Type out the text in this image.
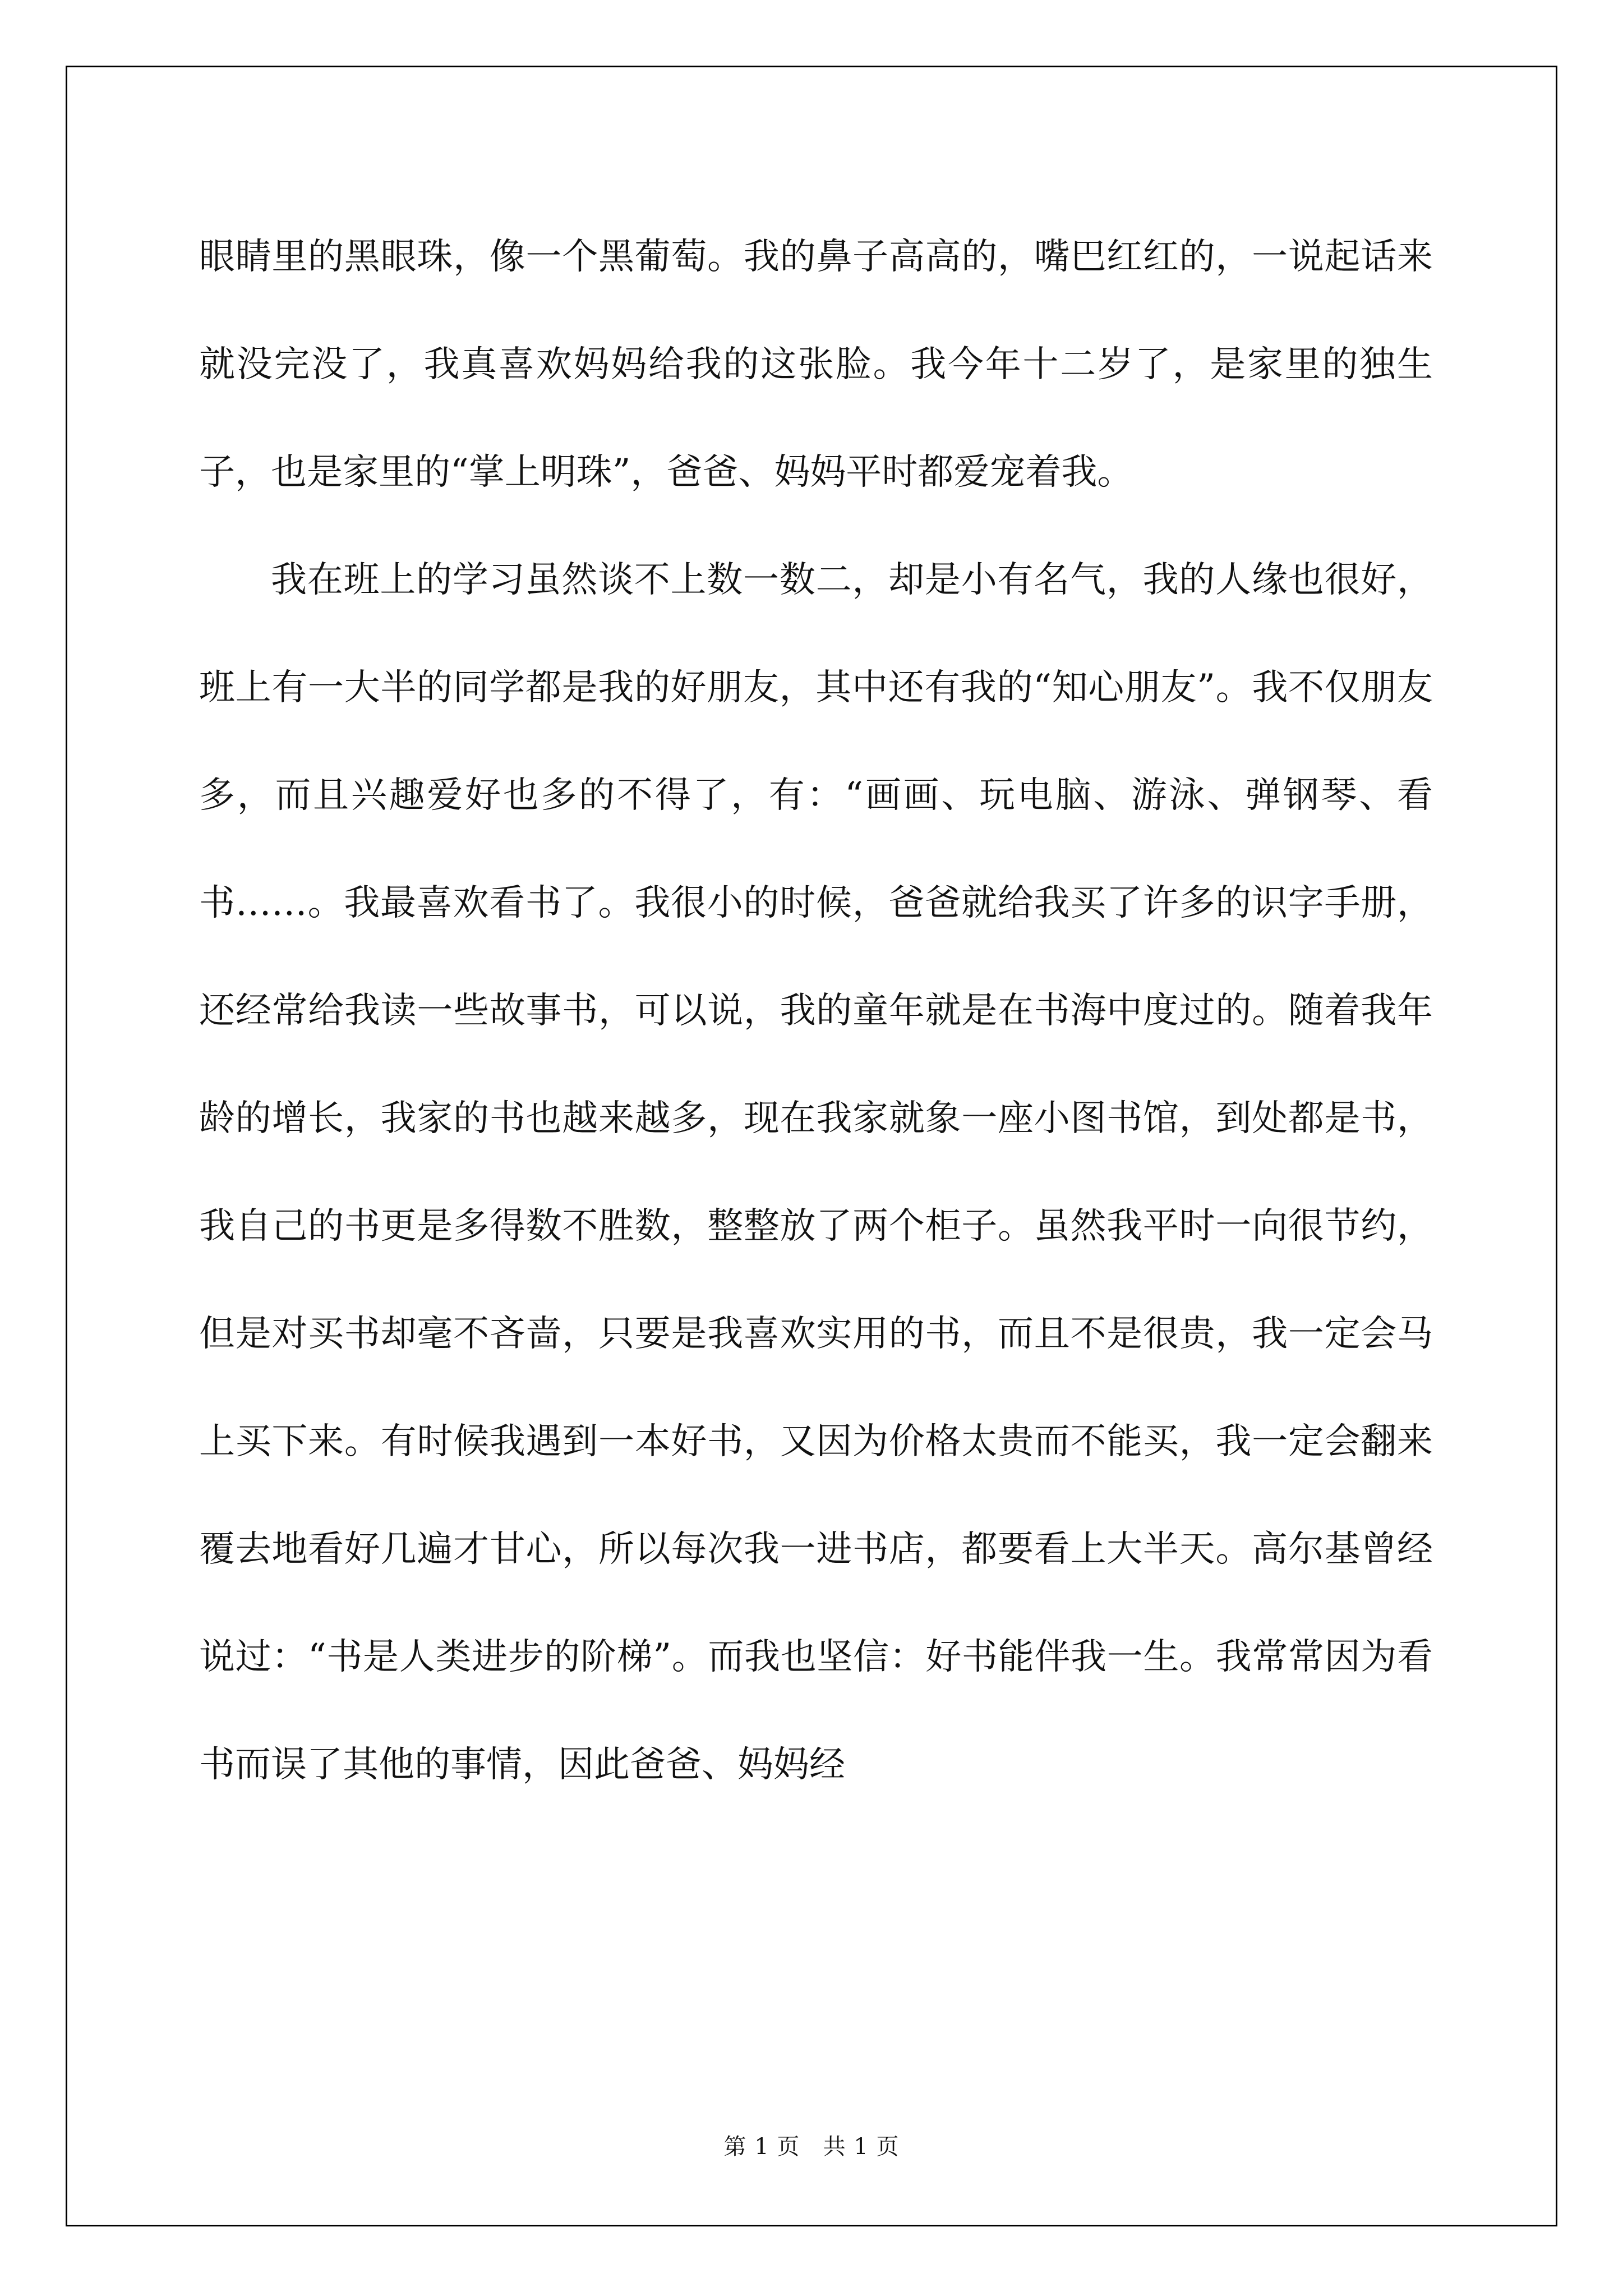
眼睛里的黑眼珠，像一个黑葡萄。我的鼻子高高的，嘴巴红红的，一说起话来就没完没了，我真喜欢妈妈给我的这张脸。我今年十二岁了，是家里的独生子，也是家里的“掌上明珠”，爸爸、妈妈平时都爱宠着我。

我在班上的学习虽然谈不上数一数二，却是小有名气，我的人缘也很好，班上有一大半的同学都是我的好朋友，其中还有我的“知心朋友”。我不仅朋友多，而且兴趣爱好也多的不得了，有：“画画、玩电脑、游泳、弹钢琴、看书……。我最喜欢看书了。我很小的时候，爸爸就给我买了许多的识字手册，还经常给我读一些故事书，可以说，我的童年就是在书海中度过的。随着我年龄的增长，我家的书也越来越多，现在我家就象一座小图书馆，到处都是书，我自己的书更是多得数不胜数，整整放了两个柜子。虽然我平时一向很节约，但是对买书却毫不吝啬，只要是我喜欢实用的书，而且不是很贵，我一定会马上买下来。有时候我遇到一本好书，又因为价格太贵而不能买，我一定会翻来覆去地看好几遍才甘心，所以每次我一进书店，都要看上大半天。高尔基曾经说过：“书是人类进步的阶梯”。而我也坚信：好书能伴我一生。我常常因为看书而误了其他的事情，因此爸爸、妈妈经

第 1 页 共 1 页
